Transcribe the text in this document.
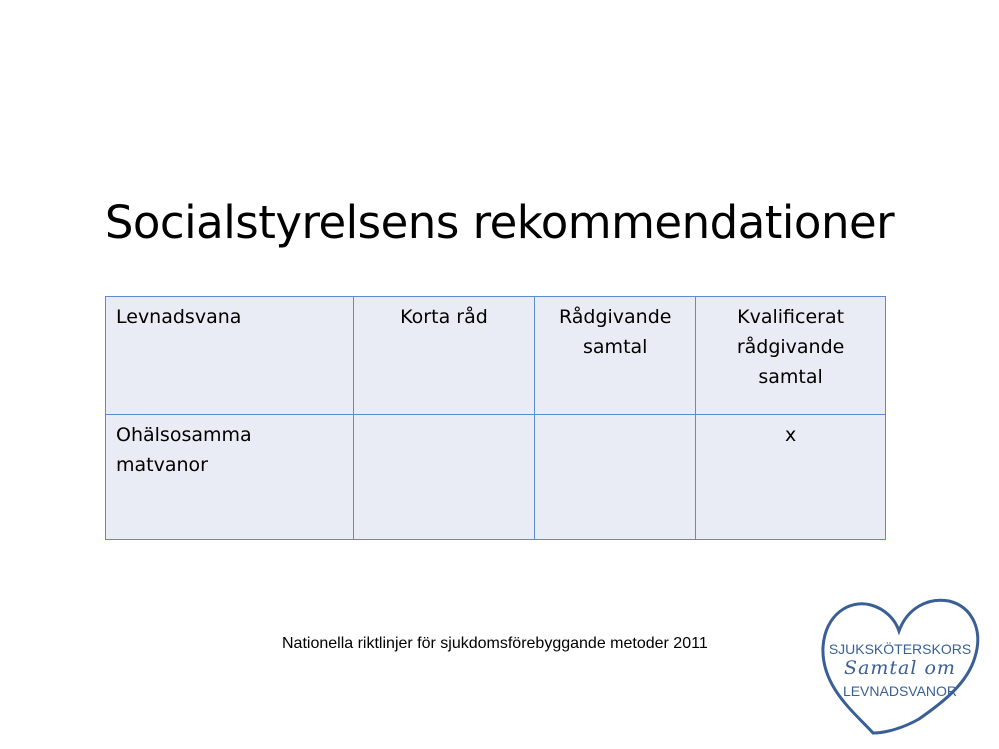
Socialstyrelsens rekommendationer
Levnadsvana	Korta råd	Rådgivande samtal	Kvalificerat rådgivande samtal
Ohälsosamma matvanor			x
Nationella riktlinjer för sjukdomsförebyggande metoder 2011	SJUKSKÖTERSKORS
Samtal om
LEVNADSVANOR
